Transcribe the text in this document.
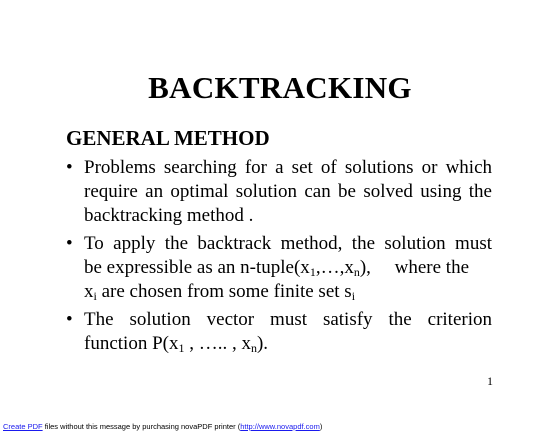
BACKTRACKING
GENERAL METHOD
• Problems searching for a set of solutions or which
require an optimal solution can be solved using the
backtracking method .
• To apply the backtrack method, the solution must
be expressible as an $n-tuple(x_1,\dots,x_n)$,     where the
$x_i$ are chosen from some finite set $s_i$
• The solution vector must satisfy the criterion
function $P(x_1$ , ….. , $x_n$).
1
Create PDF files without this message by purchasing novaPDF printer (http://www.novapdf.com)
